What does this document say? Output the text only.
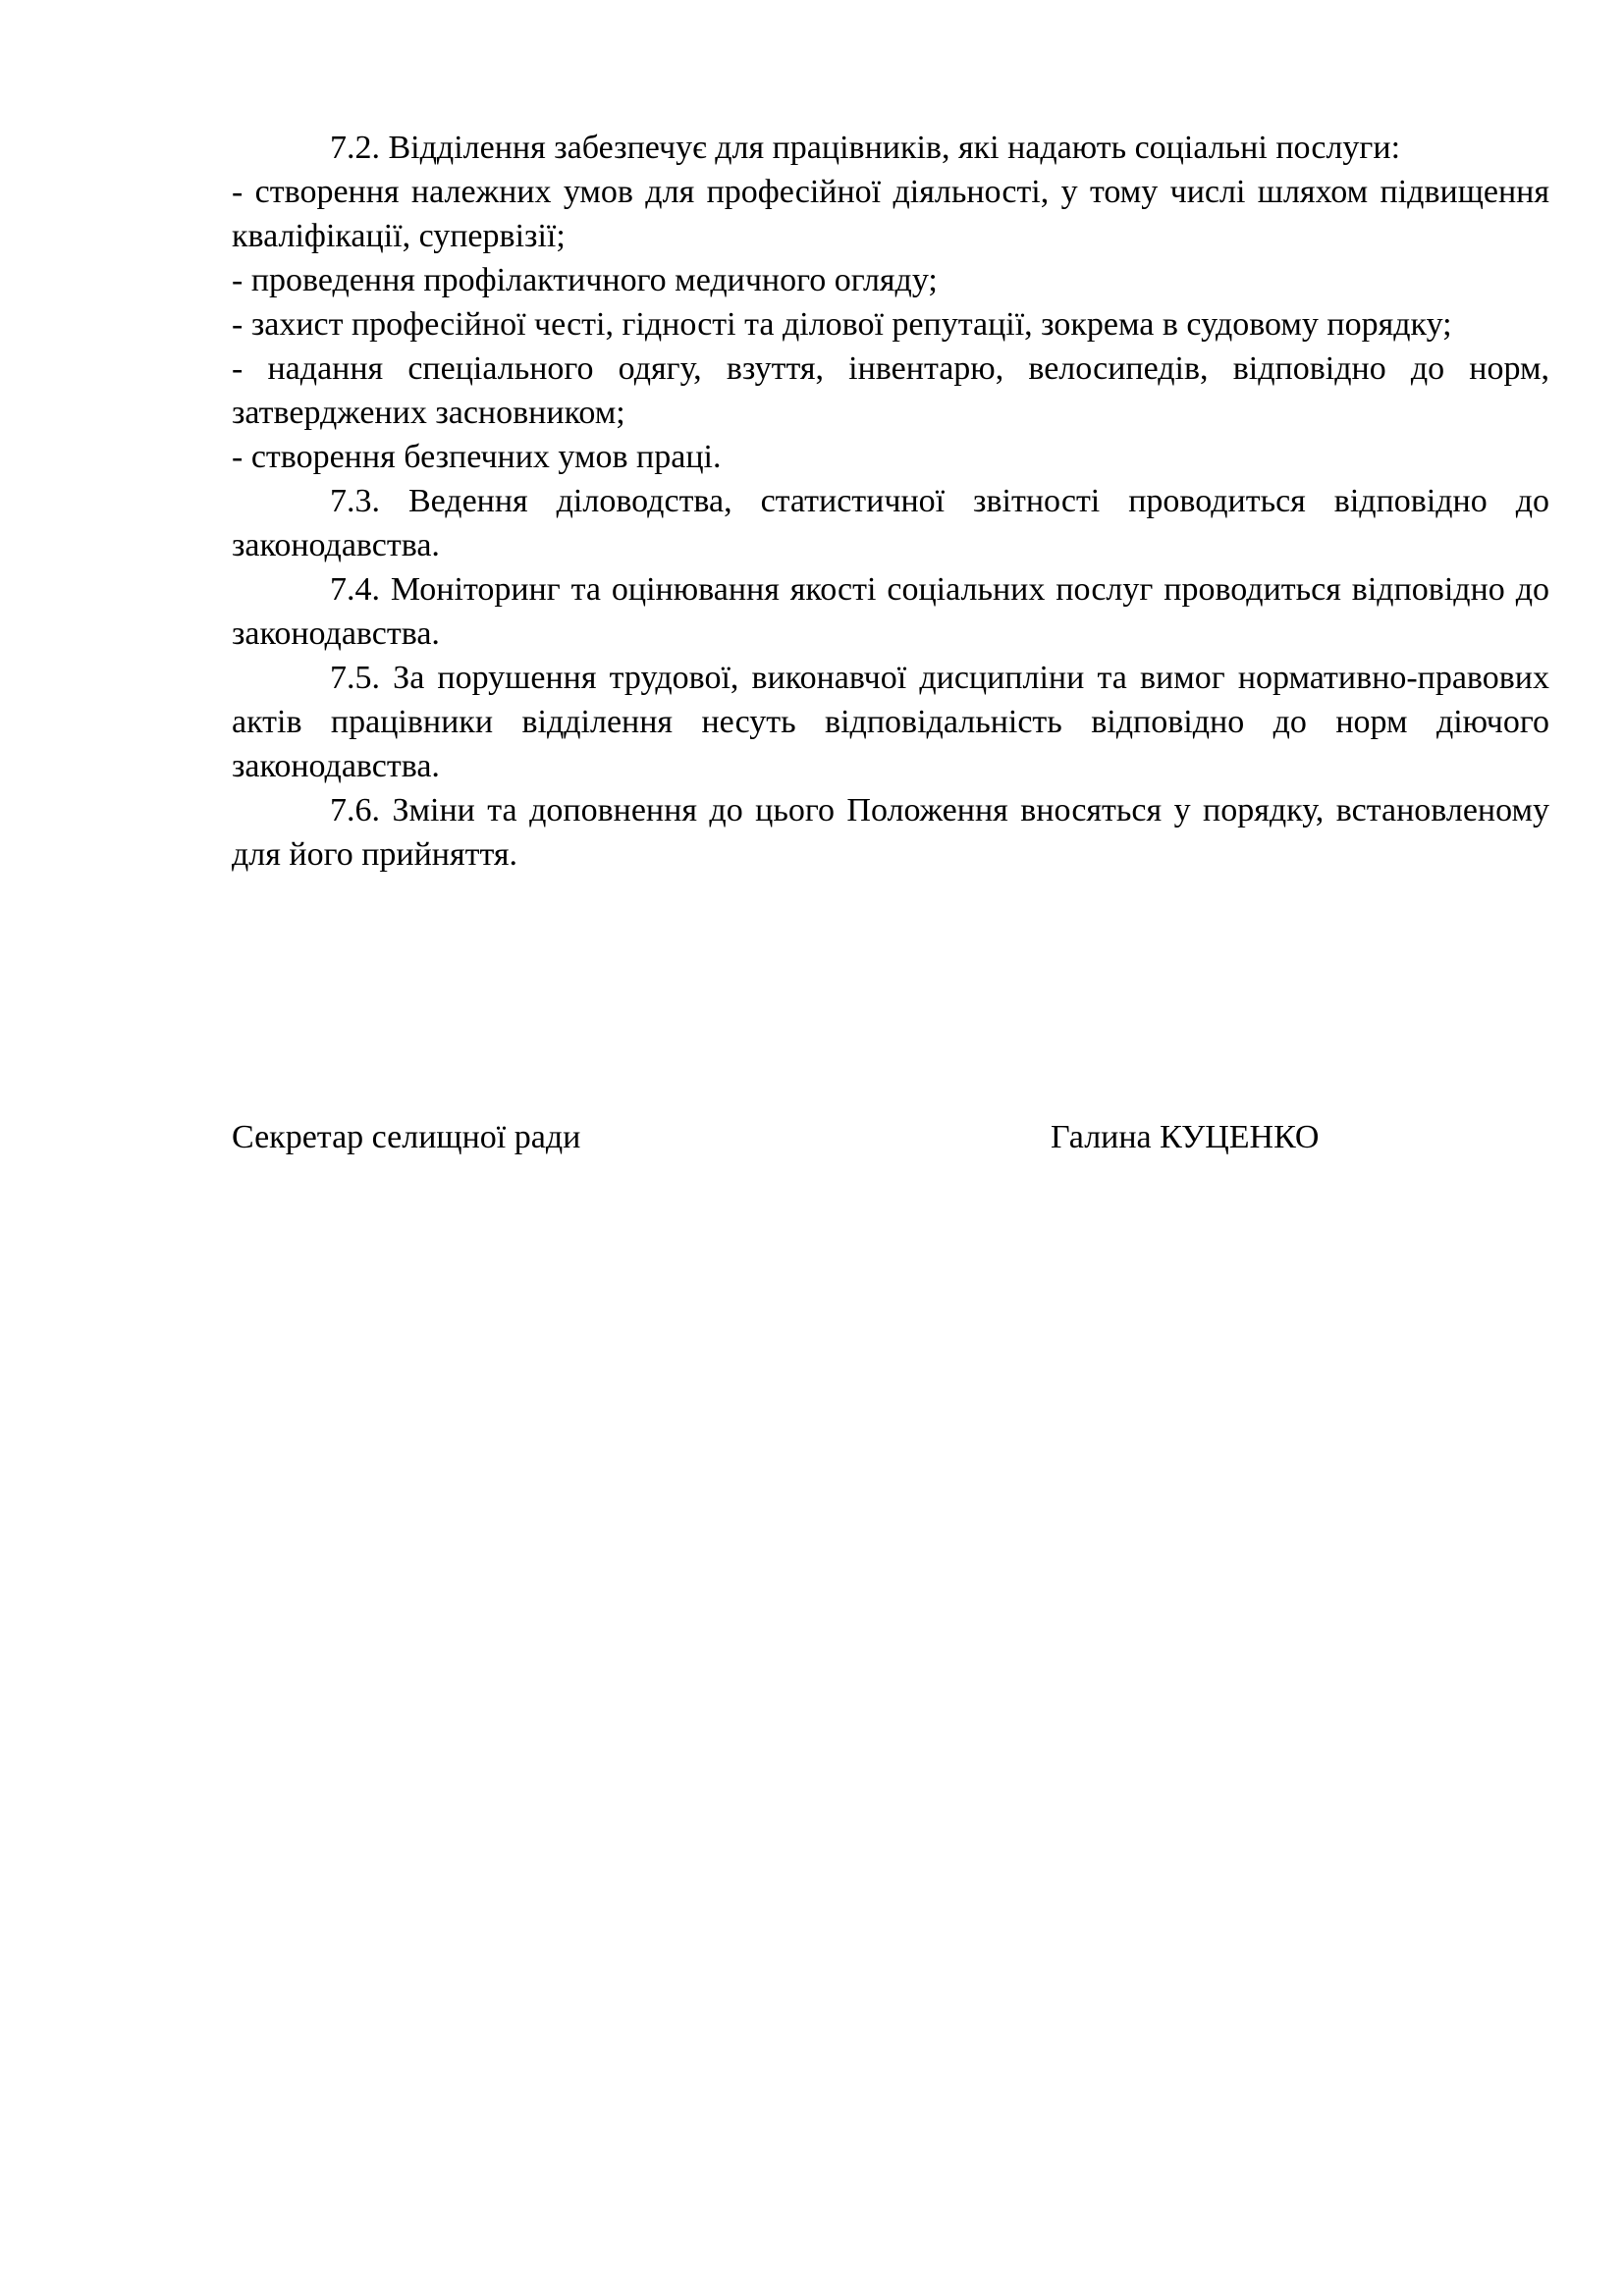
7.2. Відділення забезпечує для працівників, які надають соціальні послуги:

- створення належних умов для професійної діяльності, у тому числі шляхом підвищення кваліфікації, супервізії;

- проведення профілактичного медичного огляду;

- захист професійної честі, гідності та ділової репутації, зокрема в судовому порядку;

- надання спеціального одягу, взуття, інвентарю, велосипедів, відповідно до норм, затверджених засновником;

- створення безпечних умов праці.

7.3. Ведення діловодства, статистичної звітності проводиться відповідно до законодавства.

7.4. Моніторинг та оцінювання якості соціальних послуг проводиться відповідно до законодавства.

7.5. За порушення трудової, виконавчої дисципліни та вимог нормативно-правових актів працівники відділення несуть відповідальність відповідно до норм діючого законодавства.

7.6. Зміни та доповнення до цього Положення вносяться у порядку, встановленому для його прийняття.

Секретар селищної ради	Галина КУЦЕНКО
